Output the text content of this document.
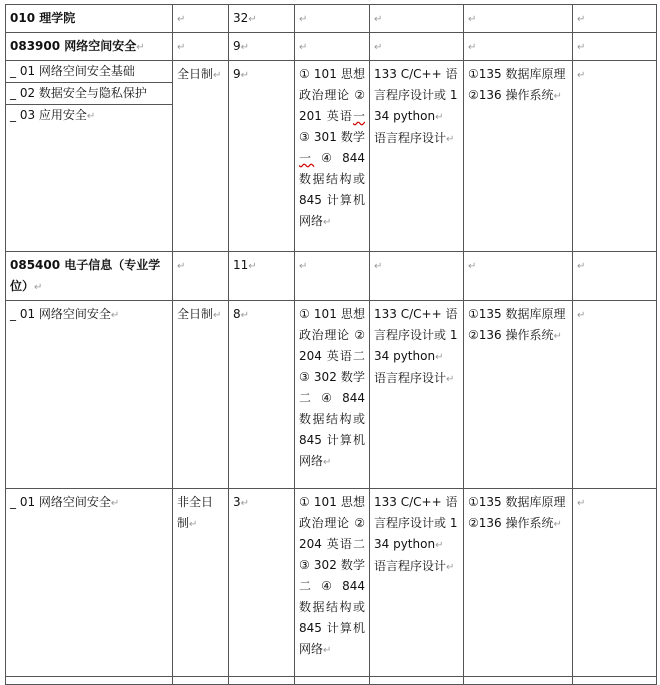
010 理学院	↵	32↵	↵	↵	↵	↵
083900 网络空间安全↵	↵	9↵	↵	↵	↵	↵

_ 01 网络空间安全基础
_ 02 数据安全与隐私保护
_ 03 应用安全↵	全日制↵	9↵	① 101 思想政治理论 ② 201 英语一 ③ 301 数学一 ④ 844 数据结构或 845 计算机网络↵	133 C/C++ 语言程序设计或 134 python↵
语言程序设计↵	①135 数据库原理
②136 操作系统↵	↵
085400 电子信息（专业学位）↵	↵	11↵	↵	↵	↵	↵
_ 01 网络空间安全↵	全日制↵	8↵	① 101 思想政治理论 ② 204 英语二 ③ 302 数学二 ④ 844 数据结构或 845 计算机网络↵	133 C/C++ 语言程序设计或 134 python↵
语言程序设计↵	①135 数据库原理
②136 操作系统↵	↵
_ 01 网络空间安全↵	非全日制↵	3↵	① 101 思想政治理论 ② 204 英语二 ③ 302 数学二 ④ 844 数据结构或 845 计算机网络↵	133 C/C++ 语言程序设计或 134 python↵
语言程序设计↵	①135 数据库原理
②136 操作系统↵	↵
